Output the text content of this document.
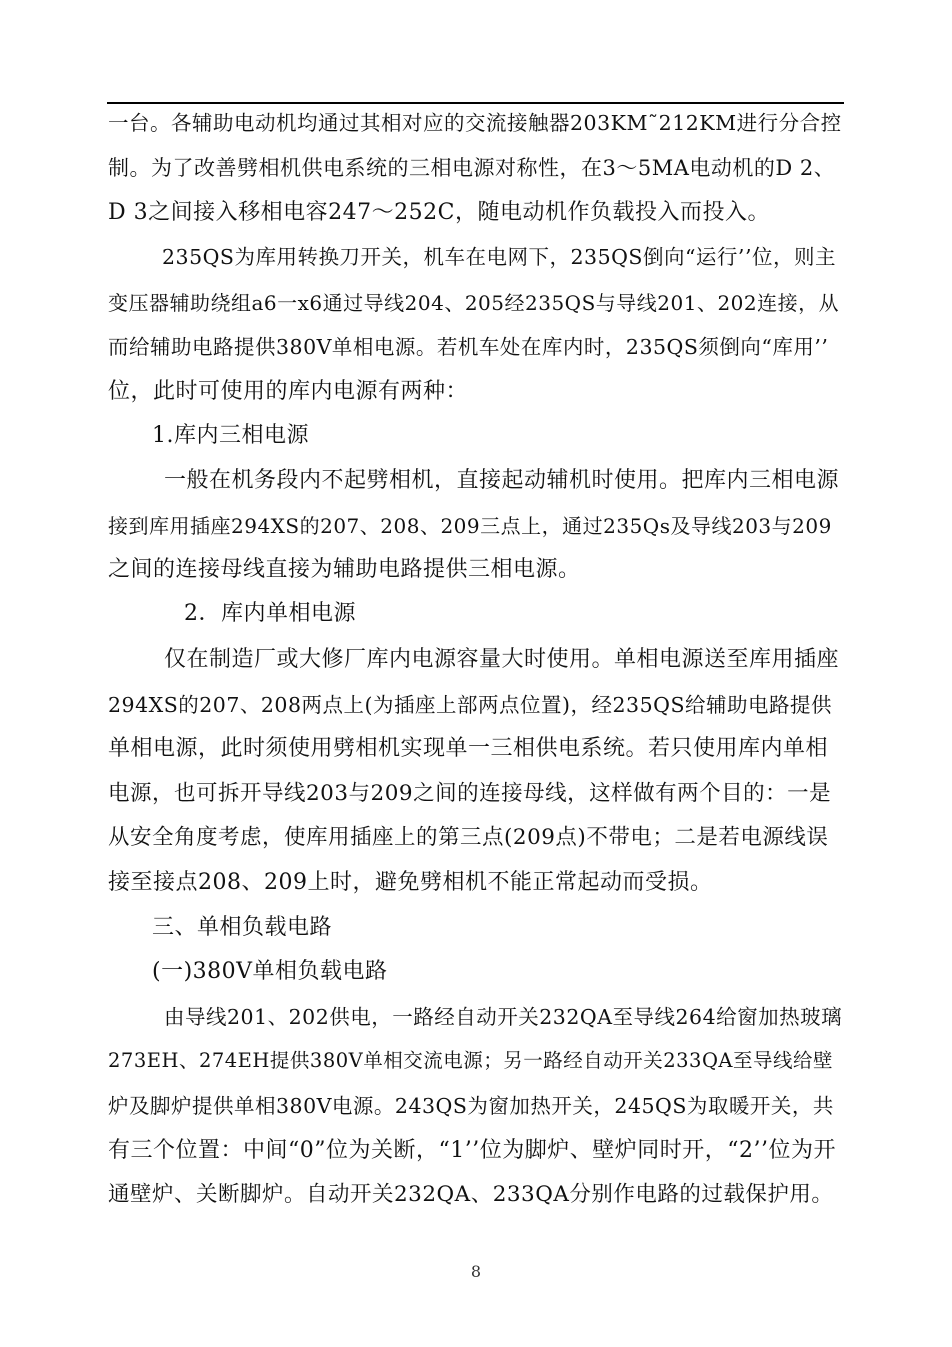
一台。各辅助电动机均通过其相对应的交流接触器203KM˜212KM进行分合控
制。为了改善劈相机供电系统的三相电源对称性，在3～5MA电动机的D 2、
D 3之间接入移相电容247～252C，随电动机作负载投入而投入。
235QS为库用转换刀开关，机车在电网下，235QS倒向“运行’’位，则主
变压器辅助绕组a6一x6通过导线204、205经235QS与导线201、202连接，从
而给辅助电路提供380V单相电源。若机车处在库内时，235QS须倒向“库用’’
位，此时可使用的库内电源有两种：
1.库内三相电源
一般在机务段内不起劈相机，直接起动辅机时使用。把库内三相电源
接到库用插座294XS的207、208、209三点上，通过235Qs及导线203与209
之间的连接母线直接为辅助电路提供三相电源。
2．库内单相电源
仅在制造厂或大修厂库内电源容量大时使用。单相电源送至库用插座
294XS的207、208两点上(为插座上部两点位置)，经235QS给辅助电路提供
单相电源，此时须使用劈相机实现单一三相供电系统。若只使用库内单相
电源，也可拆开导线203与209之间的连接母线，这样做有两个目的：一是
从安全角度考虑，使库用插座上的第三点(209点)不带电；二是若电源线误
接至接点208、209上时，避免劈相机不能正常起动而受损。
三、单相负载电路
(一)380V单相负载电路
由导线201、202供电，一路经自动开关232QA至导线264给窗加热玻璃
273EH、274EH提供380V单相交流电源；另一路经自动开关233QA至导线给壁
炉及脚炉提供单相380V电源。243QS为窗加热开关，245QS为取暖开关，共
有三个位置：中间“0”位为关断，“1’’位为脚炉、壁炉同时开，“2’’位为开
通壁炉、关断脚炉。自动开关232QA、233QA分别作电路的过载保护用。
8
